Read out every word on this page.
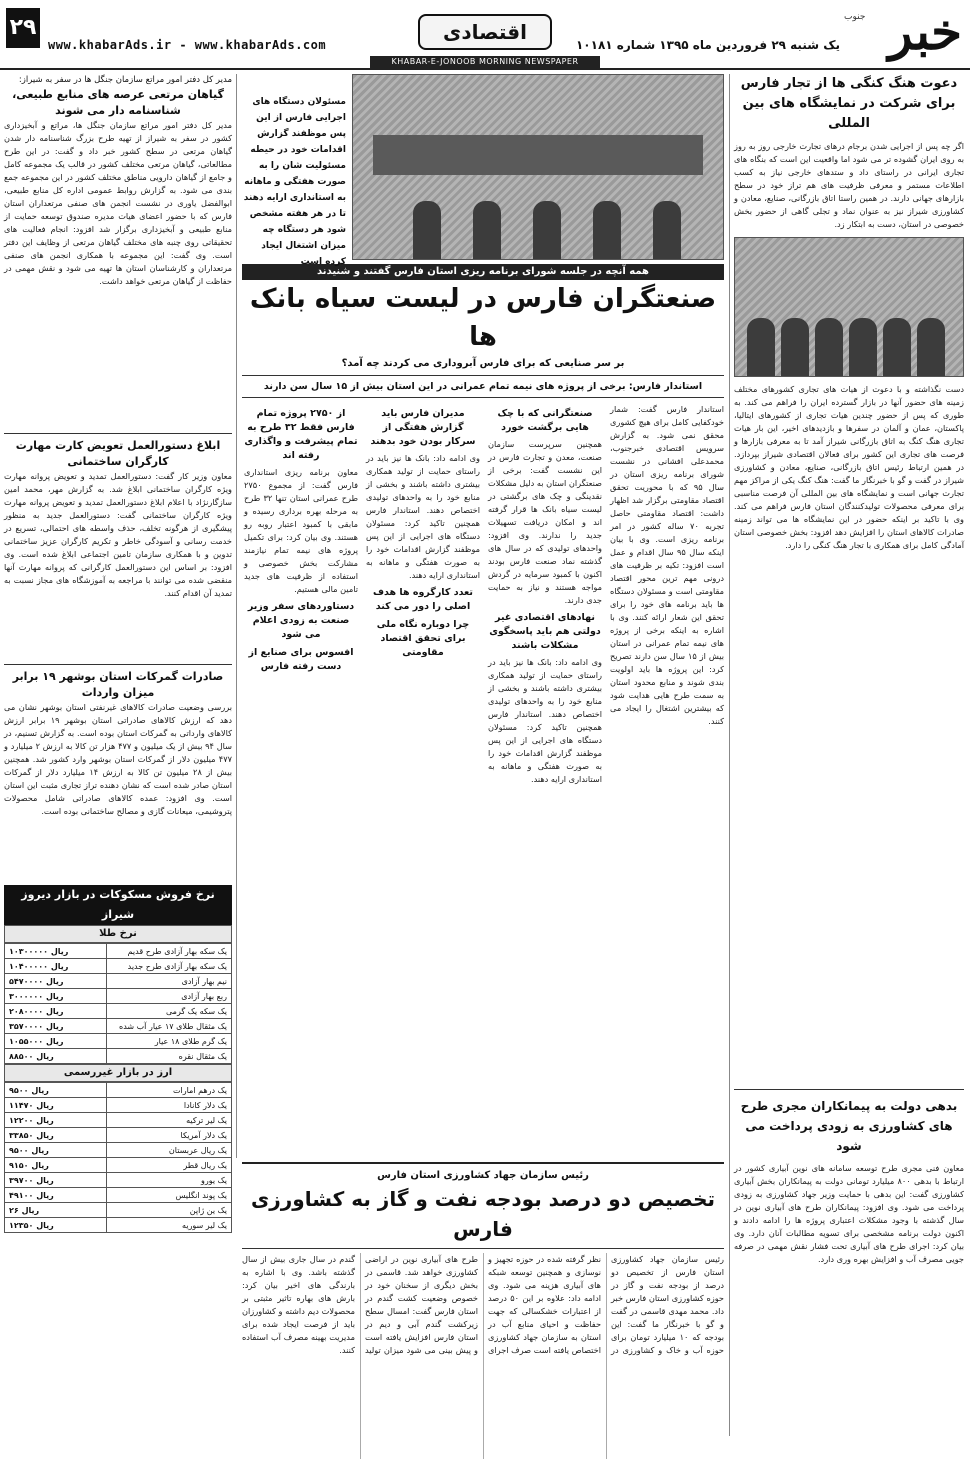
۲۹
www.khabarAds.ir - www.khabarAds.com
اقتصادی
KHABAR-E-JONOOB MORNING NEWSPAPER
یک شنبه ۲۹ فروردین ماه ۱۳۹۵ شماره ۱۰۱۸۱ خبر
جنوب
دعوت هنگ کنگی ها از تجار فارس برای شرکت در نمایشگاه های بین المللی
اگر چه پس از اجرایی شدن برجام درهای تجارت خارجی روز به روز به روی ایران گشوده تر می شود اما واقعیت این است که بنگاه های تجاری ایرانی در راستای داد و ستدهای خارجی نیاز به کسب اطلاعات مستمر و معرفی ظرفیت های هم تراز خود در سطح بازارهای جهانی دارند. در همین راستا اتاق بازرگانی، صنایع، معادن و کشاورزی شیراز نیز به عنوان نماد و تجلی گاهی از حضور بخش خصوصی در استان، دست به ابتکار زد.
دست نگذاشته و با دعوت از هیات های تجاری کشورهای مختلف زمینه های حضور آنها در بازار گسترده ایران را فراهم می کند. به طوری که پس از حضور چندین هیات تجاری از کشورهای ایتالیا، پاکستان، عمان و آلمان در سفرها و بازدیدهای اخیر، این بار هیات تجاری هنگ کنگ به اتاق بازرگانی شیراز آمد تا به معرفی بازارها و فرصت های تجاری این کشور برای فعالان اقتصادی شیراز بپردازد. در همین ارتباط رئیس اتاق بازرگانی، صنایع، معادن و کشاورزی شیراز در گفت و گو با خبرنگار ما گفت: هنگ کنگ یکی از مراکز مهم تجارت جهانی است و نمایشگاه های بین المللی آن فرصت مناسبی برای معرفی محصولات تولیدکنندگان استان فارس فراهم می کند. وی با تاکید بر اینکه حضور در این نمایشگاه ها می تواند زمینه صادرات کالاهای استان را افزایش دهد افزود: بخش خصوصی استان آمادگی کامل برای همکاری با تجار هنگ کنگی را دارد.
بدهی دولت به پیمانکاران مجری طرح های کشاورزی به زودی پرداخت می شود
معاون فنی مجری طرح توسعه سامانه های نوین آبیاری کشور در ارتباط با بدهی ۸۰۰ میلیارد تومانی دولت به پیمانکاران بخش آبیاری کشاورزی گفت: این بدهی با حمایت وزیر جهاد کشاورزی به زودی پرداخت می شود. وی افزود: پیمانکاران طرح های آبیاری نوین در سال گذشته با وجود مشکلات اعتباری پروژه ها را ادامه دادند و اکنون دولت برنامه مشخصی برای تسویه مطالبات آنان دارد. وی بیان کرد: اجرای طرح های آبیاری تحت فشار نقش مهمی در صرفه جویی مصرف آب و افزایش بهره وری دارد.
مسئولان دستگاه های اجرایی فارس از این پس موظفند گزارش اقدامات خود در حیطه مسئولیت شان را به صورت هفتگی و ماهانه به استانداری ارایه دهند تا در هر هفته مشخص شود هر دستگاه چه میزان اشتغال ایجاد کرده است
همه آنچه در جلسه شورای برنامه ریزی استان فارس گفتند و شنیدند
صنعتگران فارس در لیست سیاه بانک ها
بر سر صنایعی که برای فارس آبروداری می کردند چه آمد؟
استاندار فارس: برخی از پروژه های نیمه تمام عمرانی در این استان بیش از ۱۵ سال سن دارند
استاندار فارس گفت: شمار خودکفایی کامل برای هیچ کشوری محقق نمی شود. به گزارش سرویس اقتصادی خبرجنوب، محمدعلی افشانی در نشست شورای برنامه ریزی استان در سال ۹۵ که با محوریت تحقق اقتصاد مقاومتی برگزار شد اظهار داشت: اقتصاد مقاومتی حاصل تجربه ۷۰ ساله کشور در امر برنامه ریزی است. وی با بیان اینکه سال ۹۵ سال اقدام و عمل است افزود: تکیه بر ظرفیت های درونی مهم ترین محور اقتصاد مقاومتی است و مسئولان دستگاه ها باید برنامه های خود را برای تحقق این شعار ارائه کنند. وی با اشاره به اینکه برخی از پروژه های نیمه تمام عمرانی در استان بیش از ۱۵ سال سن دارند تصریح کرد: این پروژه ها باید اولویت بندی شوند و منابع محدود استان به سمت طرح هایی هدایت شود که بیشترین اشتغال را ایجاد می کنند.
صنعتگرانی که با چک هایی برگشت خورد
همچنین سرپرست سازمان صنعت، معدن و تجارت فارس در این نشست گفت: برخی از صنعتگران استان به دلیل مشکلات نقدینگی و چک های برگشتی در لیست سیاه بانک ها قرار گرفته اند و امکان دریافت تسهیلات جدید را ندارند. وی افزود: واحدهای تولیدی که در سال های گذشته نماد صنعت فارس بودند اکنون با کمبود سرمایه در گردش مواجه هستند و نیاز به حمایت جدی دارند.
نهادهای اقتصادی غیر دولتی هم باید پاسخگوی مشکلات باشند
وی ادامه داد: بانک ها نیز باید در راستای حمایت از تولید همکاری بیشتری داشته باشند و بخشی از منابع خود را به واحدهای تولیدی اختصاص دهند. استاندار فارس همچنین تاکید کرد: مسئولان دستگاه های اجرایی از این پس موظفند گزارش اقدامات خود را به صورت هفتگی و ماهانه به استانداری ارایه دهند.
مدیران فارس باید گزارش هفتگی از سرکار بودن خود بدهند
وی ادامه داد: بانک ها نیز باید در راستای حمایت از تولید همکاری بیشتری داشته باشند و بخشی از منابع خود را به واحدهای تولیدی اختصاص دهند. استاندار فارس همچنین تاکید کرد: مسئولان دستگاه های اجرایی از این پس موظفند گزارش اقدامات خود را به صورت هفتگی و ماهانه به استانداری ارایه دهند.
تعدد کارگروه ها هدف اصلی را دور می کند
چرا دوباره نگاه ملی برای تحقق اقتصاد مقاومتی
از ۲۷۵۰ پروژه تمام فارس فقط ۳۲ طرح به تمام پیشرفت و واگذاری رفته اند
معاون برنامه ریزی استانداری فارس گفت: از مجموع ۲۷۵۰ طرح عمرانی استان تنها ۳۲ طرح به مرحله بهره برداری رسیده و مابقی با کمبود اعتبار روبه رو هستند. وی بیان کرد: برای تکمیل پروژه های نیمه تمام نیازمند مشارکت بخش خصوصی و استفاده از ظرفیت های جدید تامین مالی هستیم.
دستاوردهای سفر وزیر صنعت به زودی اعلام می شود
افسوس برای صنایع از دست رفته فارس
مدیر کل دفتر امور مراتع سازمان جنگل ها در سفر به شیراز:
گیاهان مرتعی عرصه های منابع طبیعی، شناسنامه دار می شوند
مدیر کل دفتر امور مراتع سازمان جنگل ها، مراتع و آبخیزداری کشور در سفر به شیراز از تهیه طرح بزرگ شناسنامه دار شدن گیاهان مرتعی در سطح کشور خبر داد و گفت: در این طرح مطالعاتی، گیاهان مرتعی مختلف کشور در قالب یک مجموعه کامل و جامع از گیاهان دارویی مناطق مختلف کشور در این مجموعه جمع بندی می شود. به گزارش روابط عمومی اداره کل منابع طبیعی، ابوالفضل یاوری در نشست انجمن های صنفی مرتعداران استان فارس که با حضور اعضای هیات مدیره صندوق توسعه حمایت از منابع طبیعی و آبخیزداری برگزار شد افزود: انجام فعالیت های تحقیقاتی روی چنبه های مختلف گیاهان مرتعی از وظایف این دفتر است. وی گفت: این مجموعه با همکاری انجمن های صنفی مرتعداران و کارشناسان استان ها تهیه می شود و نقش مهمی در حفاظت از گیاهان مرتعی خواهد داشت.
ابلاغ دستورالعمل تعویض کارت مهارت کارگران ساختمانی
معاون وزیر کار گفت: دستورالعمل تمدید و تعویض پروانه مهارت ویژه کارگران ساختمانی ابلاغ شد. به گزارش مهر، محمد امین سازگارنژاد با اعلام ابلاغ دستورالعمل تمدید و تعویض پروانه مهارت ویژه کارگران ساختمانی گفت: دستورالعمل جدید به منظور پیشگیری از هرگونه تخلف، حذف واسطه های احتمالی، تسریع در خدمت رسانی و آسودگی خاطر و تکریم کارگران عزیز ساختمانی تدوین و با همکاری سازمان تامین اجتماعی ابلاغ شده است. وی افزود: بر اساس این دستورالعمل کارگرانی که پروانه مهارت آنها منقضی شده می توانند با مراجعه به آموزشگاه های مجاز نسبت به تمدید آن اقدام کنند.
صادرات گمرکات استان بوشهر ۱۹ برابر میزان واردات
بررسی وضعیت صادرات کالاهای غیرنفتی استان بوشهر نشان می دهد که ارزش کالاهای صادراتی استان بوشهر ۱۹ برابر ارزش کالاهای وارداتی به گمرکات استان بوده است. به گزارش تسنیم، در سال ۹۴ بیش از یک میلیون و ۴۷۷ هزار تن کالا به ارزش ۲ میلیارد و ۴۷۷ میلیون دلار از گمرکات استان بوشهر وارد کشور شد. همچنین بیش از ۲۸ میلیون تن کالا به ارزش ۱۴ میلیارد دلار از گمرکات استان صادر شده است که نشان دهنده تراز تجاری مثبت این استان است. وی افزود: عمده کالاهای صادراتی شامل محصولات پتروشیمی، میعانات گازی و مصالح ساختمانی بوده است.
نرخ فروش مسکوکات در بازار دیروز شیراز
نرخ طلا
یک سکه بهار آزادی طرح قدیم	۱۰۳۰۰۰۰۰ ریال
یک سکه بهار آزادی طرح جدید	۱۰۴۰۰۰۰۰ ریال
نیم بهار آزادی	۵۴۷۰۰۰۰ ریال
ربع بهار آزادی	۳۰۰۰۰۰۰ ریال
یک سکه یک گرمی	۲۰۸۰۰۰۰ ریال
یک مثقال طلای ۱۷ عیار آب شده	۳۵۷۰۰۰۰ ریال
یک گرم طلای ۱۸ عیار	۱۰۵۵۰۰۰ ریال
یک مثقال نقره	۸۸۵۰۰ ریال
ارز در بازار غیررسمی
یک درهم امارات	۹۵۰۰ ریال
یک دلار کانادا	۱۱۴۷۰ ریال
یک لیر ترکیه	۱۲۲۰۰ ریال
یک دلار آمریکا	۳۳۸۵۰ ریال
یک ریال عربستان	۹۵۰۰ ریال
یک ریال قطر	۹۱۵۰ ریال
یک یورو	۳۹۷۰۰ ریال
یک پوند انگلیس	۴۹۱۰۰ ریال
یک ین ژاپن	۲۶ ریال
یک لیر سوریه	۱۲۳۵۰ ریال
رئیس سازمان جهاد کشاورزی استان فارس
تخصیص دو درصد بودجه نفت و گاز به کشاورزی فارس
رئیس سازمان جهاد کشاورزی استان فارس از تخصیص دو درصد از بودجه نفت و گاز در حوزه کشاورزی استان فارس خبر داد. محمد مهدی قاسمی در گفت و گو با خبرنگار ما گفت: این بودجه که ۱۰ میلیارد تومان برای حوزه آب و خاک و کشاورزی در نظر گرفته شده در حوزه تجهیز و نوسازی و همچنین توسعه شبکه های آبیاری هزینه می شود. وی ادامه داد: علاوه بر این ۵۰ درصد از اعتبارات خشکسالی که جهت حفاظت و احیای منابع آب در استان به سازمان جهاد کشاورزی اختصاص یافته است صرف اجرای طرح های آبیاری نوین در اراضی کشاورزی خواهد شد. قاسمی در بخش دیگری از سخنان خود در خصوص وضعیت کشت گندم در استان فارس گفت: امسال سطح زیرکشت گندم آبی و دیم در استان فارس افزایش یافته است و پیش بینی می شود میزان تولید گندم در سال جاری بیش از سال گذشته باشد. وی با اشاره به بارندگی های اخیر بیان کرد: بارش های بهاره تاثیر مثبتی بر محصولات دیم داشته و کشاورزان باید از فرصت ایجاد شده برای مدیریت بهینه مصرف آب استفاده کنند.
